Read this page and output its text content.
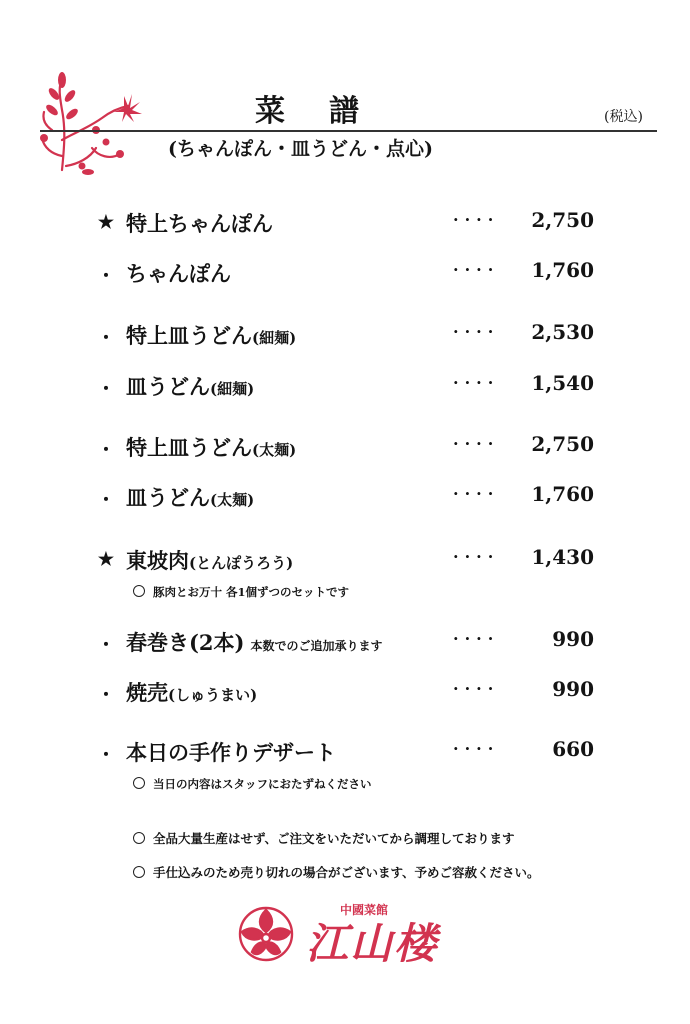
菜譜	(税込)
(ちゃんぽん・皿うどん・点心)
★ 特上ちゃんぽん	···· 2,750
・ ちゃんぽん	···· 1,760
・ 特上皿うどん(細麺)	···· 2,530
・ 皿うどん(細麺)	···· 1,540
・ 特上皿うどん(太麺)	···· 2,750
・ 皿うどん(太麺)	···· 1,760
★ 東坡肉(とんぽうろう)	···· 1,430
豚肉とお万十 各1個ずつのセットです
・ 春巻き(2本) 本数でのご追加承ります	····	990
・ 焼売(しゅうまい)	····	990
・ 本日の手作りデザート	····	660
当日の内容はスタッフにおたずねください
全品大量生産はせず、ご注文をいただいてから調理しております
手仕込みのため売り切れの場合がございます、予めご容赦ください。
中國菜館
江山楼
